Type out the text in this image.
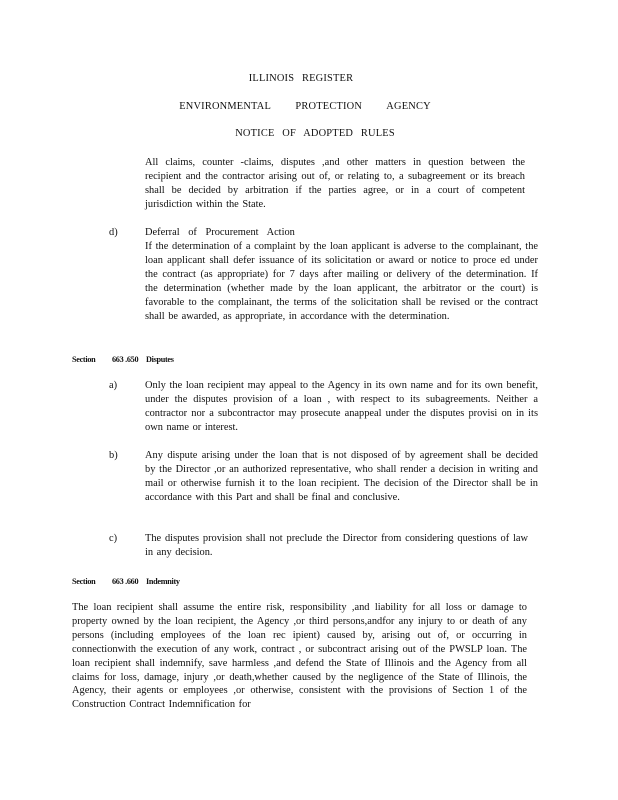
ILLINOIS REGISTER
ENVIRONMENTAL PROTECTION AGENCY
NOTICE OF ADOPTED RULES
All claims, counter -claims, disputes ,and other matters in question between the recipient and the contractor arising out of, or relating to, a subagreement or its breach shall be decided by arbitration if the parties agree, or in a court of competent jurisdiction within the State.
d)	Deferral of Procurement Action
If the determination of a complaint by the loan applicant is adverse to the complainant, the loan applicant shall defer issuance of its solicitation or award or notice to proce ed under the contract (as appropriate) for 7 days after mailing or delivery of the determination. If the determination (whether made by the loan applicant, the arbitrator or the court) is favorable to the complainant, the terms of the solicitation shall be revised or the contract shall be awarded, as appropriate, in accordance with the determination.
Section 663 .650 Disputes
a)	Only the loan recipient may appeal to the Agency in its own name and for its own benefit, under the disputes provision of a loan , with respect to its subagreements. Neither a contractor nor a subcontractor may prosecute anappeal under the disputes provisi on in its own name or interest.
b)	Any dispute arising under the loan that is not disposed of by agreement shall be decided by the Director ,or an authorized representative, who shall render a decision in writing and mail or otherwise furnish it to the loan recipient. The decision of the Director shall be in accordance with this Part and shall be final and conclusive.
c)	The disputes provision shall not preclude the Director from considering questions of law in any decision.
Section 663 .660 Indemnity
The loan recipient shall assume the entire risk, responsibility ,and liability for all loss or damage to property owned by the loan recipient, the Agency ,or third persons,andfor any injury to or death of any persons (including employees of the loan rec ipient) caused by, arising out of, or occurring in connectionwith the execution of any work, contract , or subcontract arising out of the PWSLP loan. The loan recipient shall indemnify, save harmless ,and defend the State of Illinois and the Agency from all claims for loss, damage, injury ,or death,whether caused by the negligence of the State of Illinois, the Agency, their agents or employees ,or otherwise, consistent with the provisions of Section 1 of the Construction Contract Indemnification for
